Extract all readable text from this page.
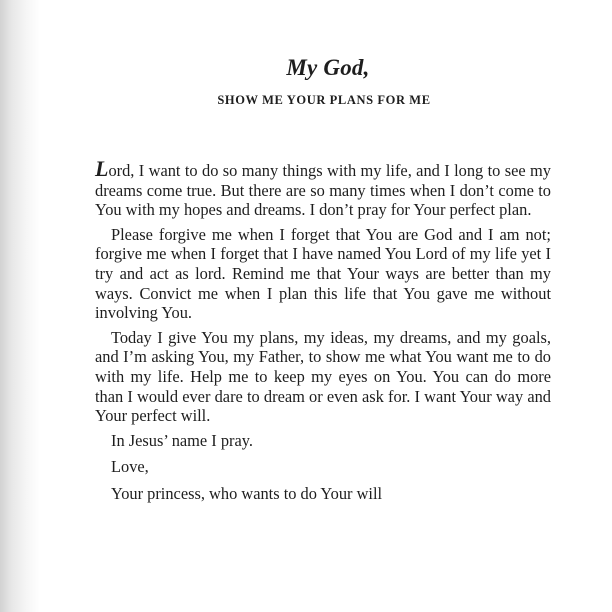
My God,
SHOW ME YOUR PLANS FOR ME

Lord, I want to do so many things with my life, and I long to see my dreams come true. But there are so many times when I don’t come to You with my hopes and dreams. I don’t pray for Your perfect plan.

Please forgive me when I forget that You are God and I am not; forgive me when I forget that I have named You Lord of my life yet I try and act as lord. Remind me that Your ways are better than my ways. Convict me when I plan this life that You gave me without involving You.

Today I give You my plans, my ideas, my dreams, and my goals, and I’m asking You, my Father, to show me what You want me to do with my life. Help me to keep my eyes on You. You can do more than I would ever dare to dream or even ask for. I want Your way and Your perfect will.

In Jesus’ name I pray.

Love,

Your princess, who wants to do Your will
